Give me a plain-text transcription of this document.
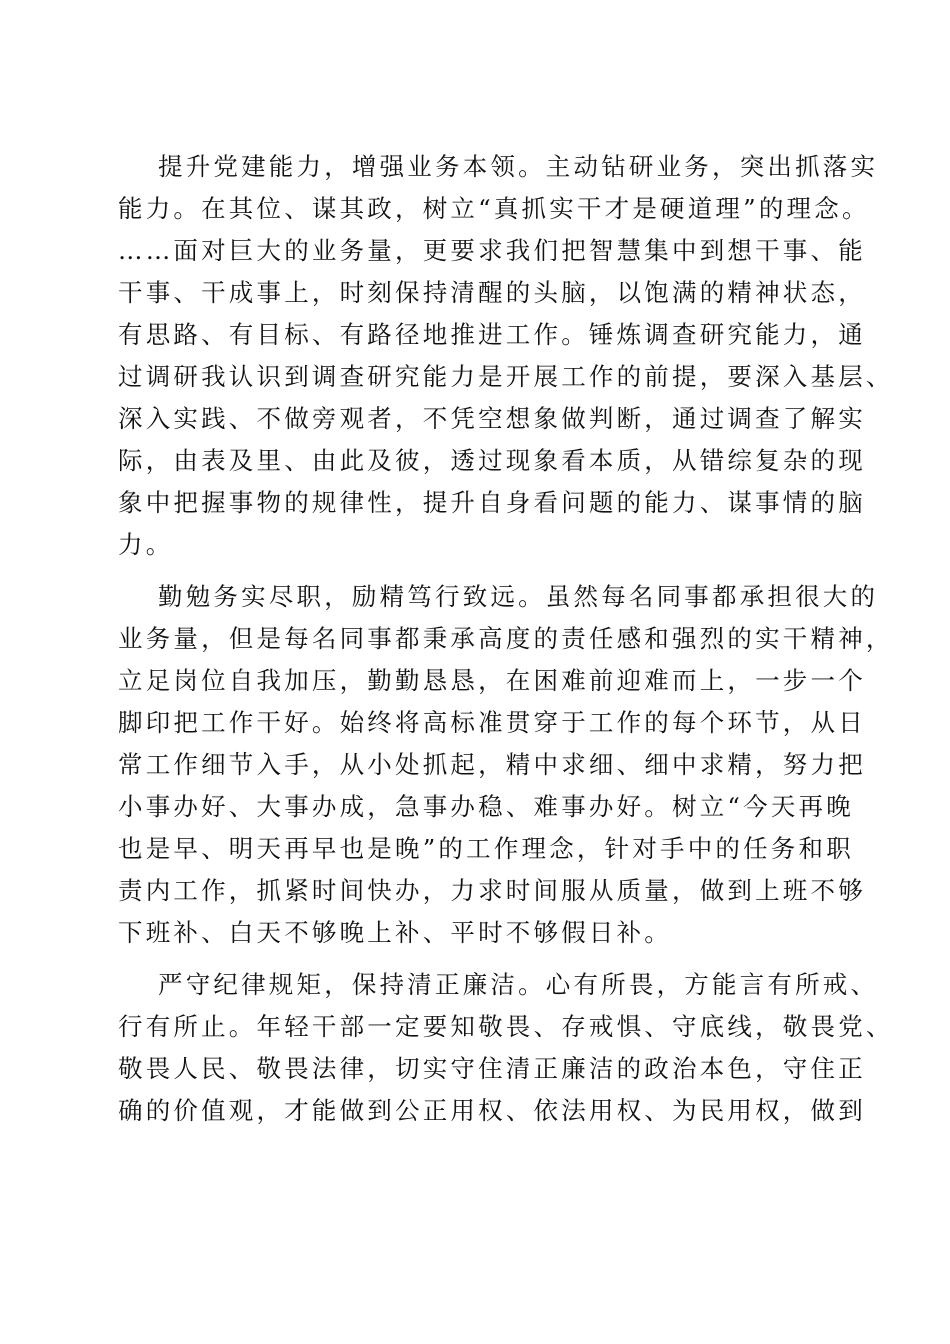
提升党建能力，增强业务本领。主动钻研业务，突出抓落实

能力。在其位、谋其政，树立“真抓实干才是硬道理”的理念。

……面对巨大的业务量，更要求我们把智慧集中到想干事、能

干事、干成事上，时刻保持清醒的头脑，以饱满的精神状态，

有思路、有目标、有路径地推进工作。锤炼调查研究能力，通

过调研我认识到调查研究能力是开展工作的前提，要深入基层、

深入实践、不做旁观者，不凭空想象做判断，通过调查了解实

际，由表及里、由此及彼，透过现象看本质，从错综复杂的现

象中把握事物的规律性，提升自身看问题的能力、谋事情的脑

力。

勤勉务实尽职，励精笃行致远。虽然每名同事都承担很大的

业务量，但是每名同事都秉承高度的责任感和强烈的实干精神，

立足岗位自我加压，勤勤恳恳，在困难前迎难而上，一步一个

脚印把工作干好。始终将高标准贯穿于工作的每个环节，从日

常工作细节入手，从小处抓起，精中求细、细中求精，努力把

小事办好、大事办成，急事办稳、难事办好。树立“今天再晚

也是早、明天再早也是晚”的工作理念，针对手中的任务和职

责内工作，抓紧时间快办，力求时间服从质量，做到上班不够

下班补、白天不够晚上补、平时不够假日补。

严守纪律规矩，保持清正廉洁。心有所畏，方能言有所戒、

行有所止。年轻干部一定要知敬畏、存戒惧、守底线，敬畏党、

敬畏人民、敬畏法律，切实守住清正廉洁的政治本色，守住正

确的价值观，才能做到公正用权、依法用权、为民用权，做到
